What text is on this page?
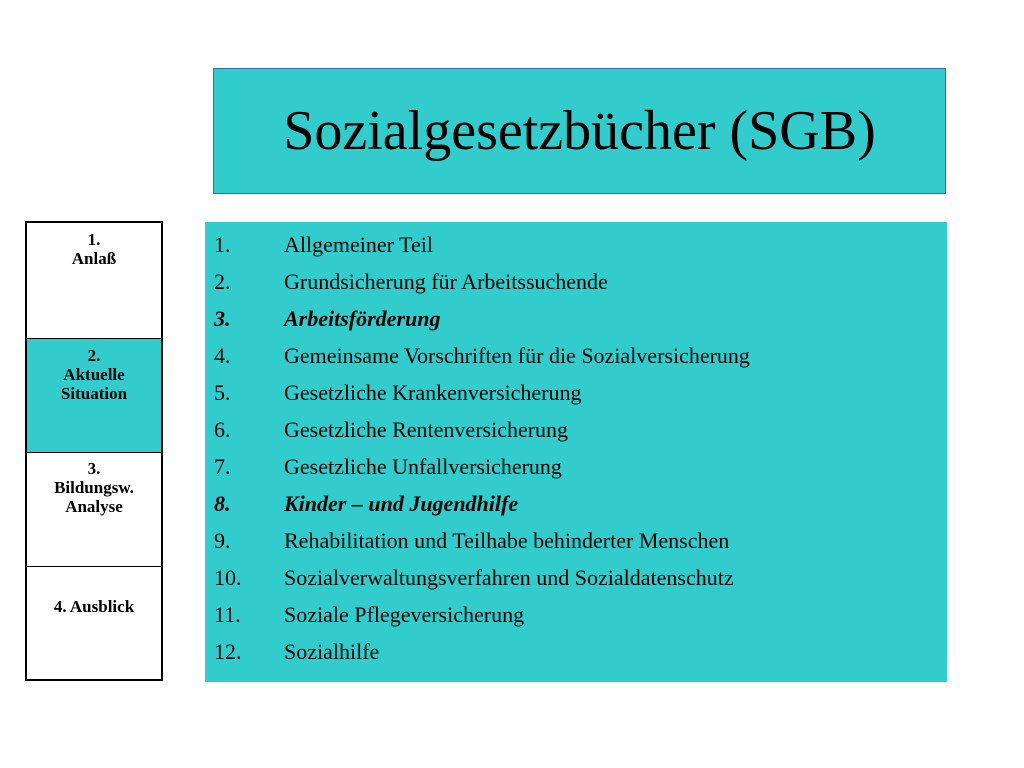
Sozialgesetzbücher (SGB)
1.
Anlaß
2.
Aktuelle
Situation
3.
Bildungsw.
Analyse
4. Ausblick
1. Allgemeiner Teil
2. Grundsicherung für Arbeitssuchende
3. Arbeitsförderung
4. Gemeinsame Vorschriften für die Sozialversicherung
5. Gesetzliche Krankenversicherung
6. Gesetzliche Rentenversicherung
7. Gesetzliche Unfallversicherung
8. Kinder – und Jugendhilfe
9. Rehabilitation und Teilhabe behinderter Menschen
10. Sozialverwaltungsverfahren und Sozialdatenschutz
11. Soziale Pflegeversicherung
12. Sozialhilfe
